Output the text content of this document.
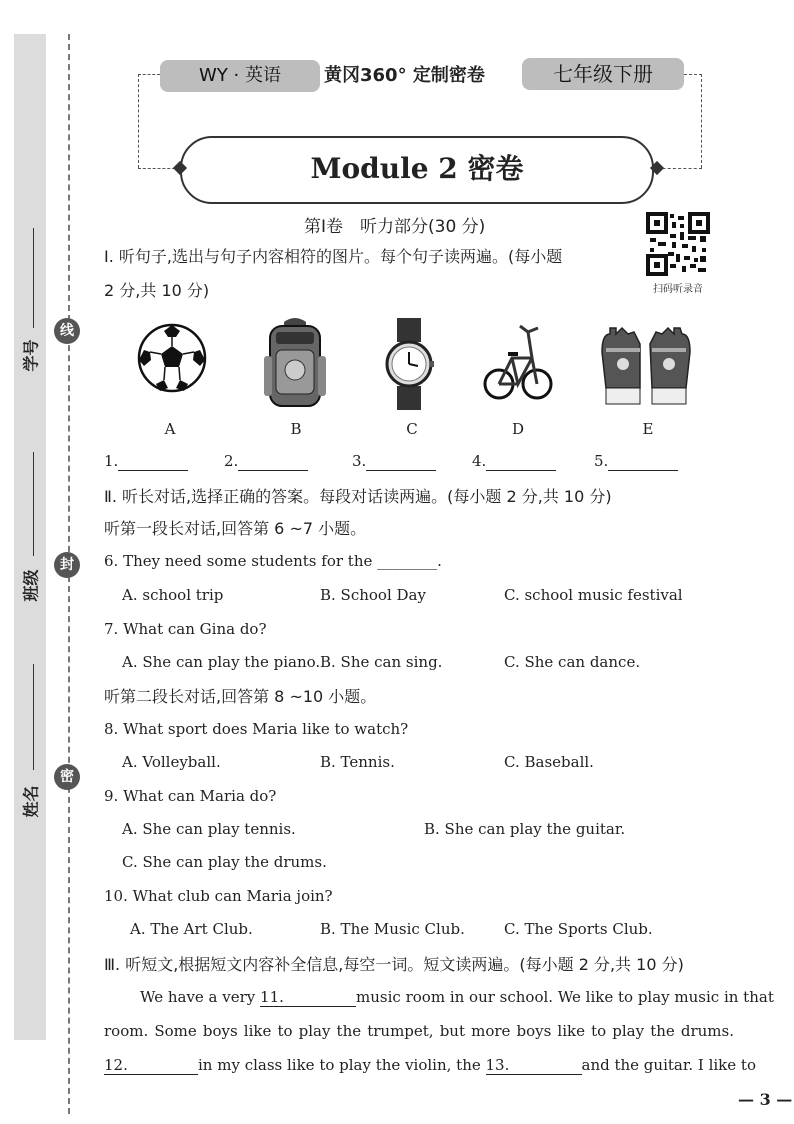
学号
班级
姓名
线
封
密
WY · 英语	黄冈360° 定制密卷	七年级下册
Module 2 密卷
第Ⅰ卷　听力部分(30 分)
扫码听录音
Ⅰ. 听句子,选出与句子内容相符的图片。每个句子读两遍。(每小题
2 分,共 10 分)
A	B	C	D	E
1.	2.	3.	4.	5.
Ⅱ. 听长对话,选择正确的答案。每段对话读两遍。(每小题 2 分,共 10 分)
听第一段长对话,回答第 6 ~7 小题。
6. They need some students for the ________.
A. school trip	B. School Day	C. school music festival
7. What can Gina do?
A. She can play the piano. B. She can sing.	C. She can dance.
听第二段长对话,回答第 8 ~10 小题。
8. What sport does Maria like to watch?
A. Volleyball.	B. Tennis.	C. Baseball.
9. What can Maria do?
A. She can play tennis.	B. She can play the guitar.
C. She can play the drums.
10. What club can Maria join?
A. The Art Club.	B. The Music Club.	C. The Sports Club.
Ⅲ. 听短文,根据短文内容补全信息,每空一词。短文读两遍。(每小题 2 分,共 10 分)
We have a very 11.	music room in our school. We like to play music in that
room. Some boys like to play the trumpet, but more boys like to play the drums.
12.	in my class like to play the violin, the 13.	and the guitar. I like to
— 3 —
